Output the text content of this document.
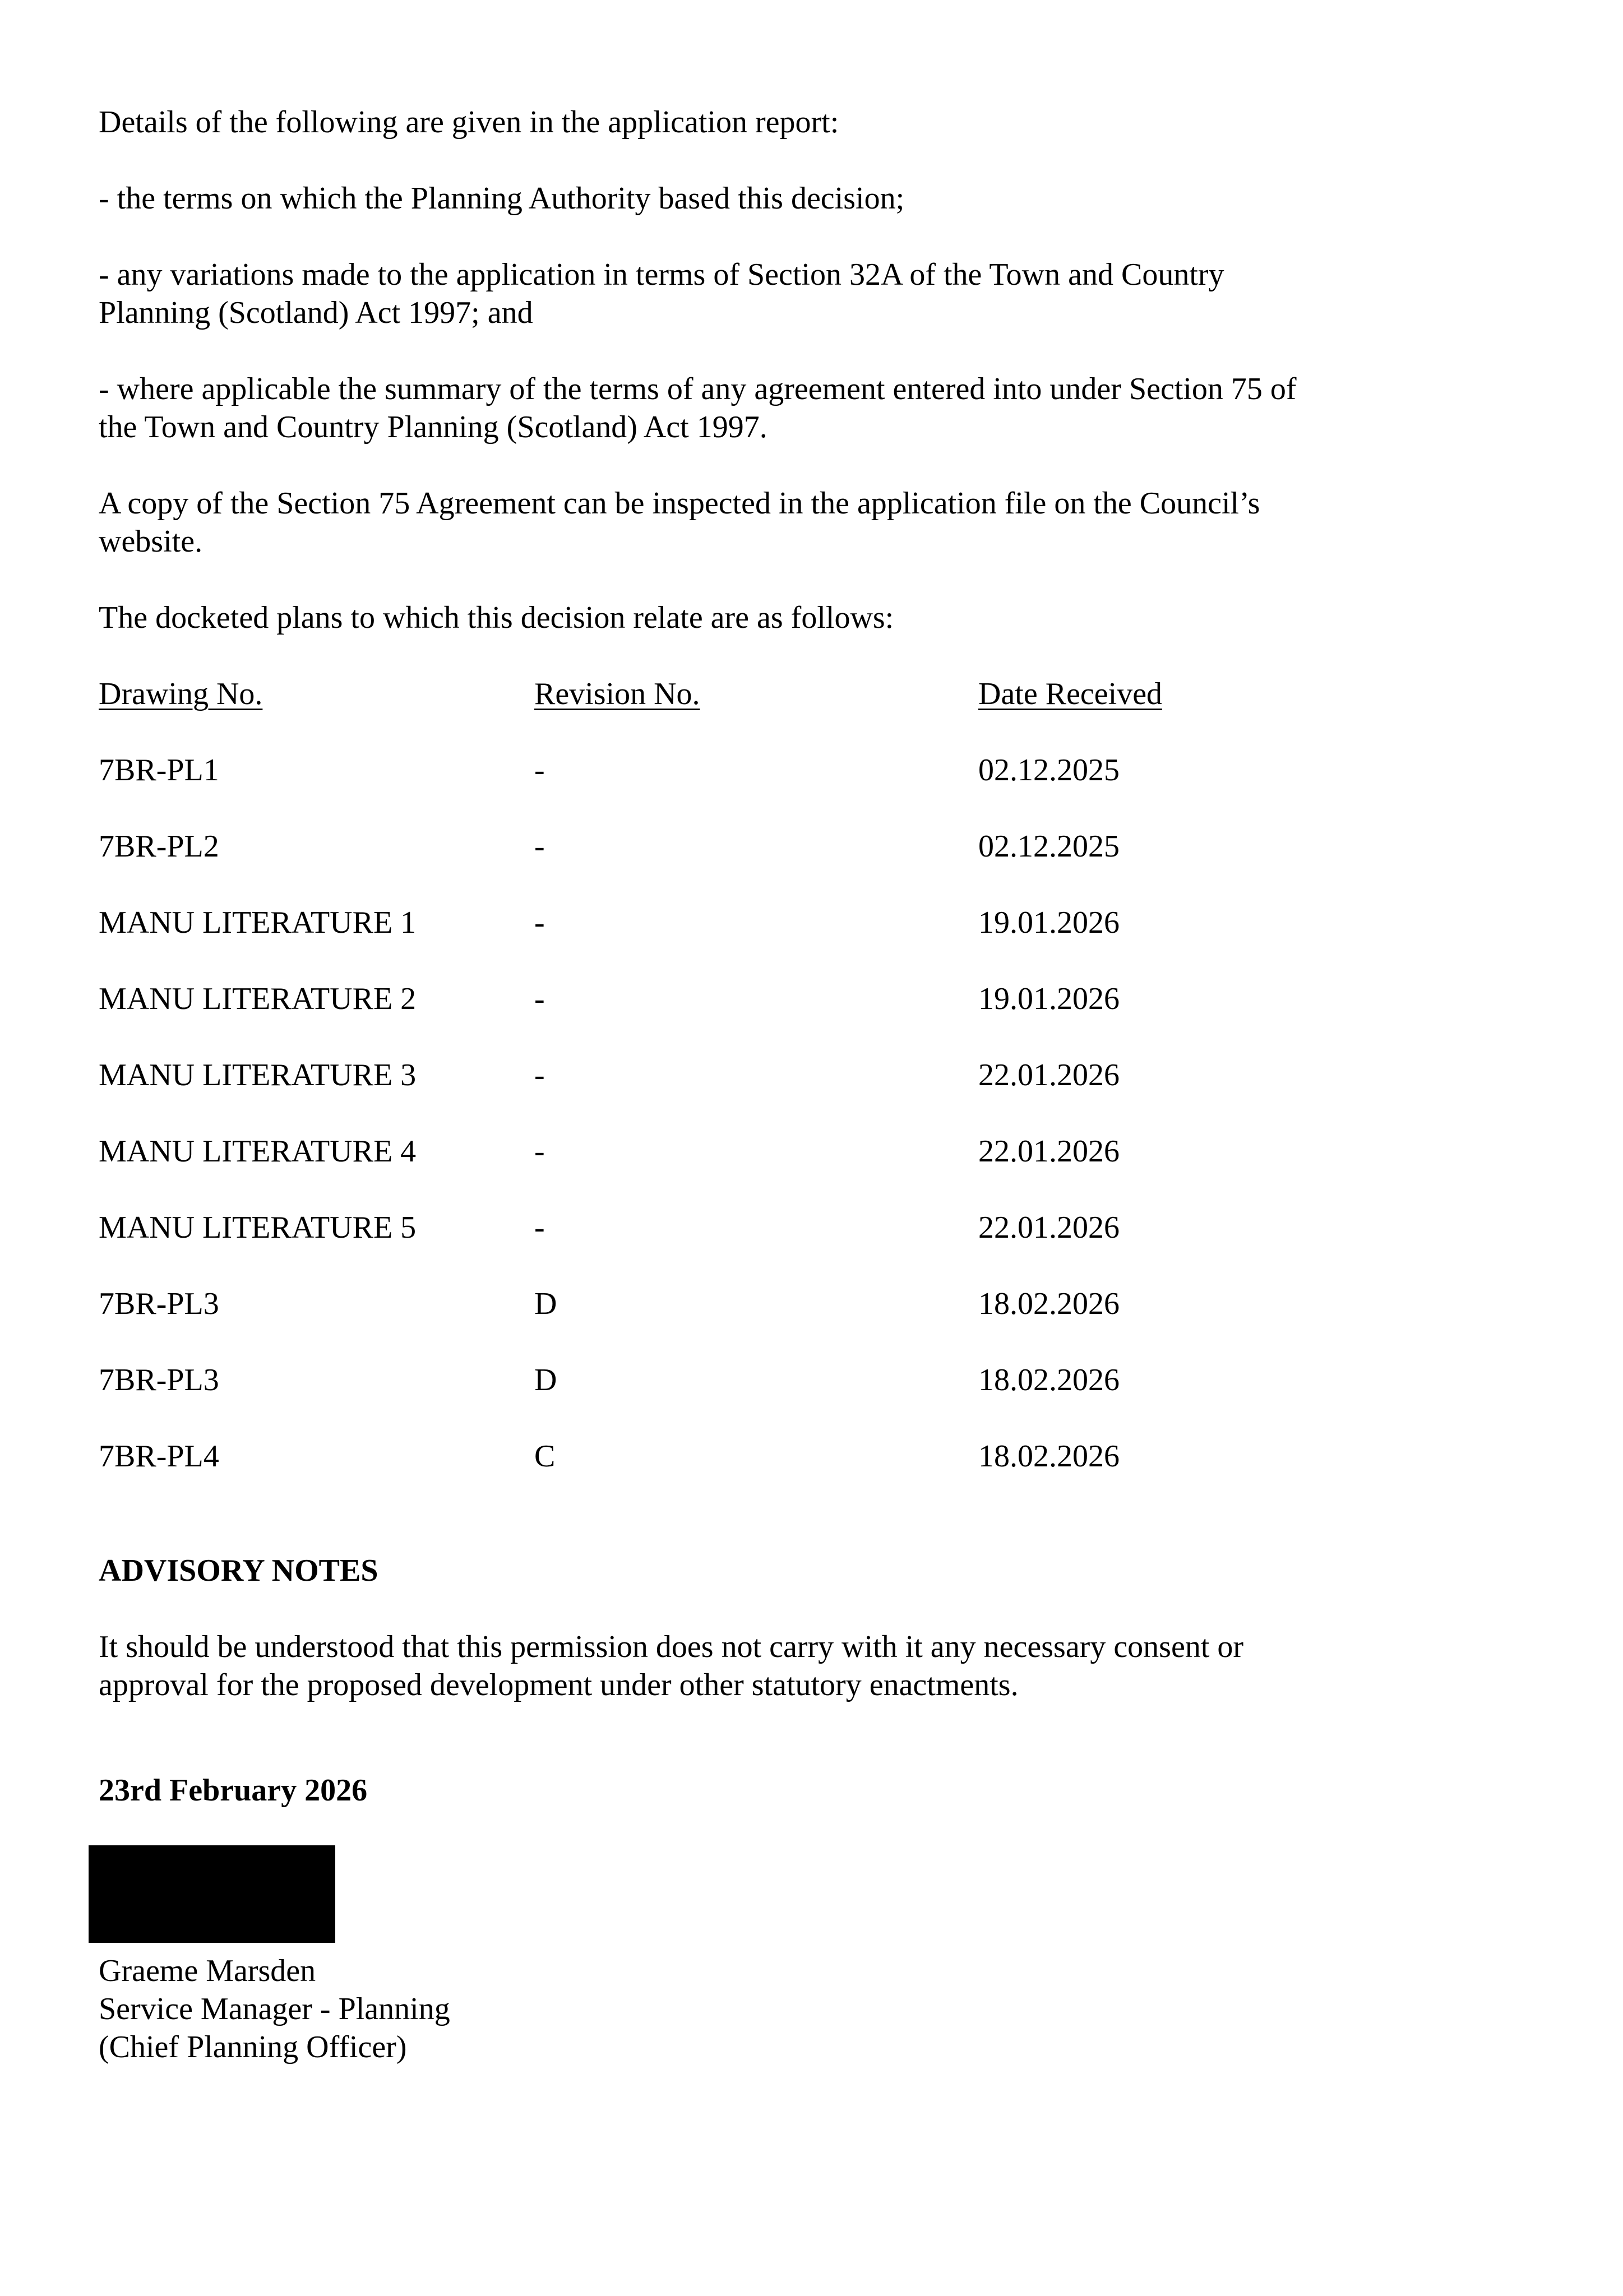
Details of the following are given in the application report:

- the terms on which the Planning Authority based this decision;

- any variations made to the application in terms of Section 32A of the Town and Country

Planning (Scotland) Act 1997; and

- where applicable the summary of the terms of any agreement entered into under Section 75 of

the Town and Country Planning (Scotland) Act 1997.

A copy of the Section 75 Agreement can be inspected in the application file on the Council’s

website.

The docketed plans to which this decision relate are as follows:

Drawing No.	Revision No.	Date Received
7BR-PL1	-	02.12.2025
7BR-PL2	-	02.12.2025
MANU LITERATURE 1	-	19.01.2026
MANU LITERATURE 2	-	19.01.2026
MANU LITERATURE 3	-	22.01.2026
MANU LITERATURE 4	-	22.01.2026
MANU LITERATURE 5	-	22.01.2026
7BR-PL3	D	18.02.2026
7BR-PL3	D	18.02.2026
7BR-PL4	C	18.02.2026

ADVISORY NOTES

It should be understood that this permission does not carry with it any necessary consent or

approval for the proposed development under other statutory enactments.

23rd February 2026

Graeme Marsden

Service Manager - Planning

(Chief Planning Officer)
